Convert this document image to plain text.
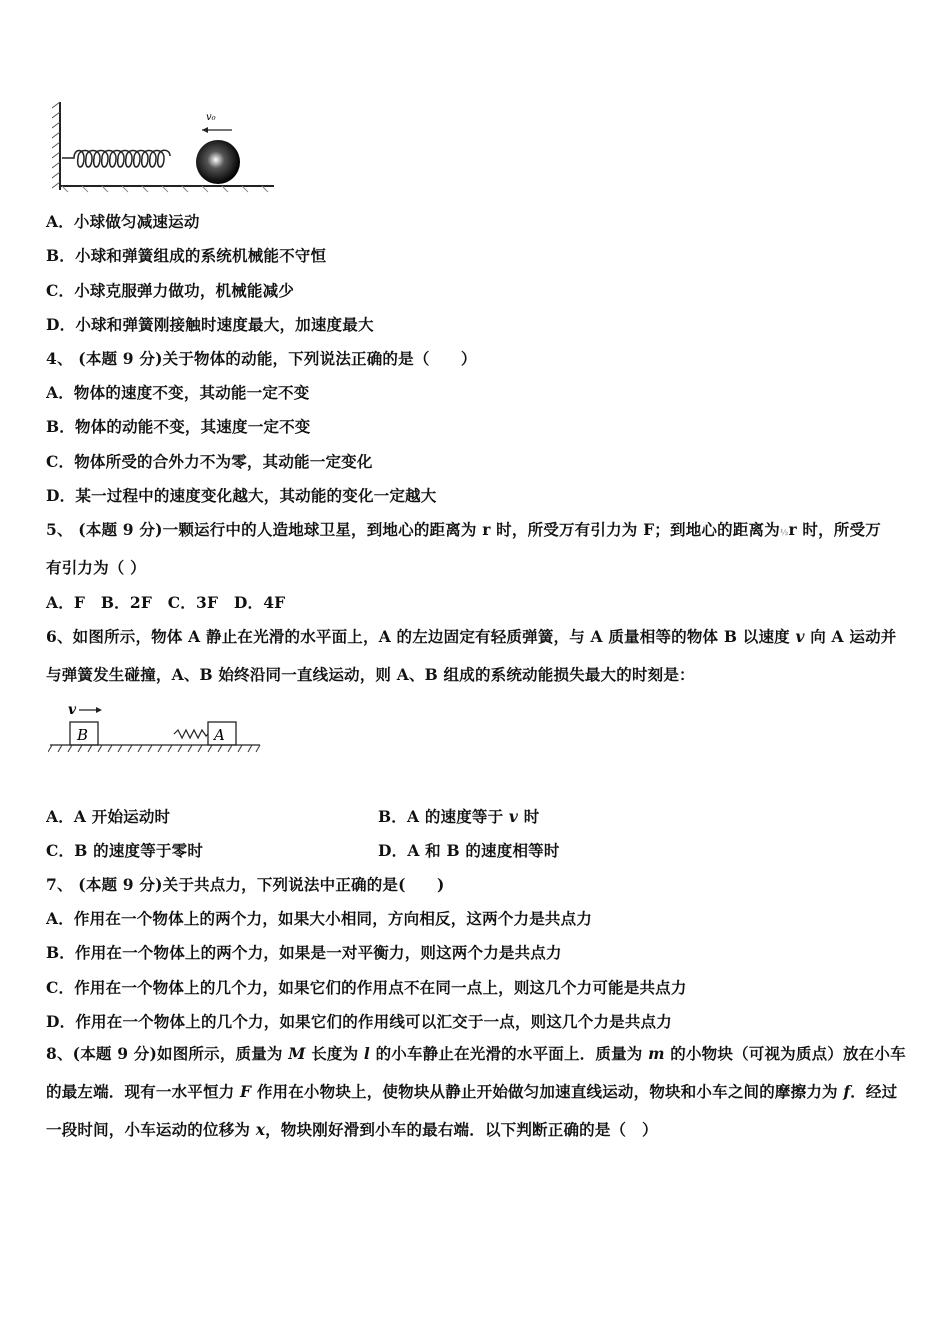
v₀
A．小球做匀减速运动
B．小球和弹簧组成的系统机械能不守恒
C．小球克服弹力做功，机械能减少
D．小球和弹簧刚接触时速度最大，加速度最大
4、 (本题 9 分)关于物体的动能，下列说法正确的是（　　）
A．物体的速度不变，其动能一定不变
B．物体的动能不变，其速度一定不变
C．物体所受的合外力不为零，其动能一定变化
D．某一过程中的速度变化越大，其动能的变化一定越大
5、 (本题 9 分)一颗运行中的人造地球卫星，到地心的距离为 r 时，所受万有引力为 F；到地心的距离为½r 时，所受万
有引力为（ ）
A．F　B．2F　C．3F　D．4F
6、如图所示，物体 A 静止在光滑的水平面上，A 的左边固定有轻质弹簧，与 A 质量相等的物体 B 以速度 v 向 A 运动并
与弹簧发生碰撞，A、B 始终沿同一直线运动，则 A、B 组成的系统动能损失最大的时刻是：
v
B	A
A．A 开始运动时	B．A 的速度等于 v 时
C．B 的速度等于零时	D．A 和 B 的速度相等时
7、 (本题 9 分)关于共点力，下列说法中正确的是(　　)
A．作用在一个物体上的两个力，如果大小相同，方向相反，这两个力是共点力
B．作用在一个物体上的两个力，如果是一对平衡力，则这两个力是共点力
C．作用在一个物体上的几个力，如果它们的作用点不在同一点上，则这几个力可能是共点力
D．作用在一个物体上的几个力，如果它们的作用线可以汇交于一点，则这几个力是共点力
8、(本题 9 分)如图所示，质量为 M 长度为 l 的小车静止在光滑的水平面上．质量为 m 的小物块（可视为质点）放在小车的最左端．现有一水平恒力 F 作用在小物块上，使物块从静止开始做匀加速直线运动，物块和小车之间的摩擦力为 f．经过一段时间，小车运动的位移为 x，物块刚好滑到小车的最右端．以下判断正确的是（　）
